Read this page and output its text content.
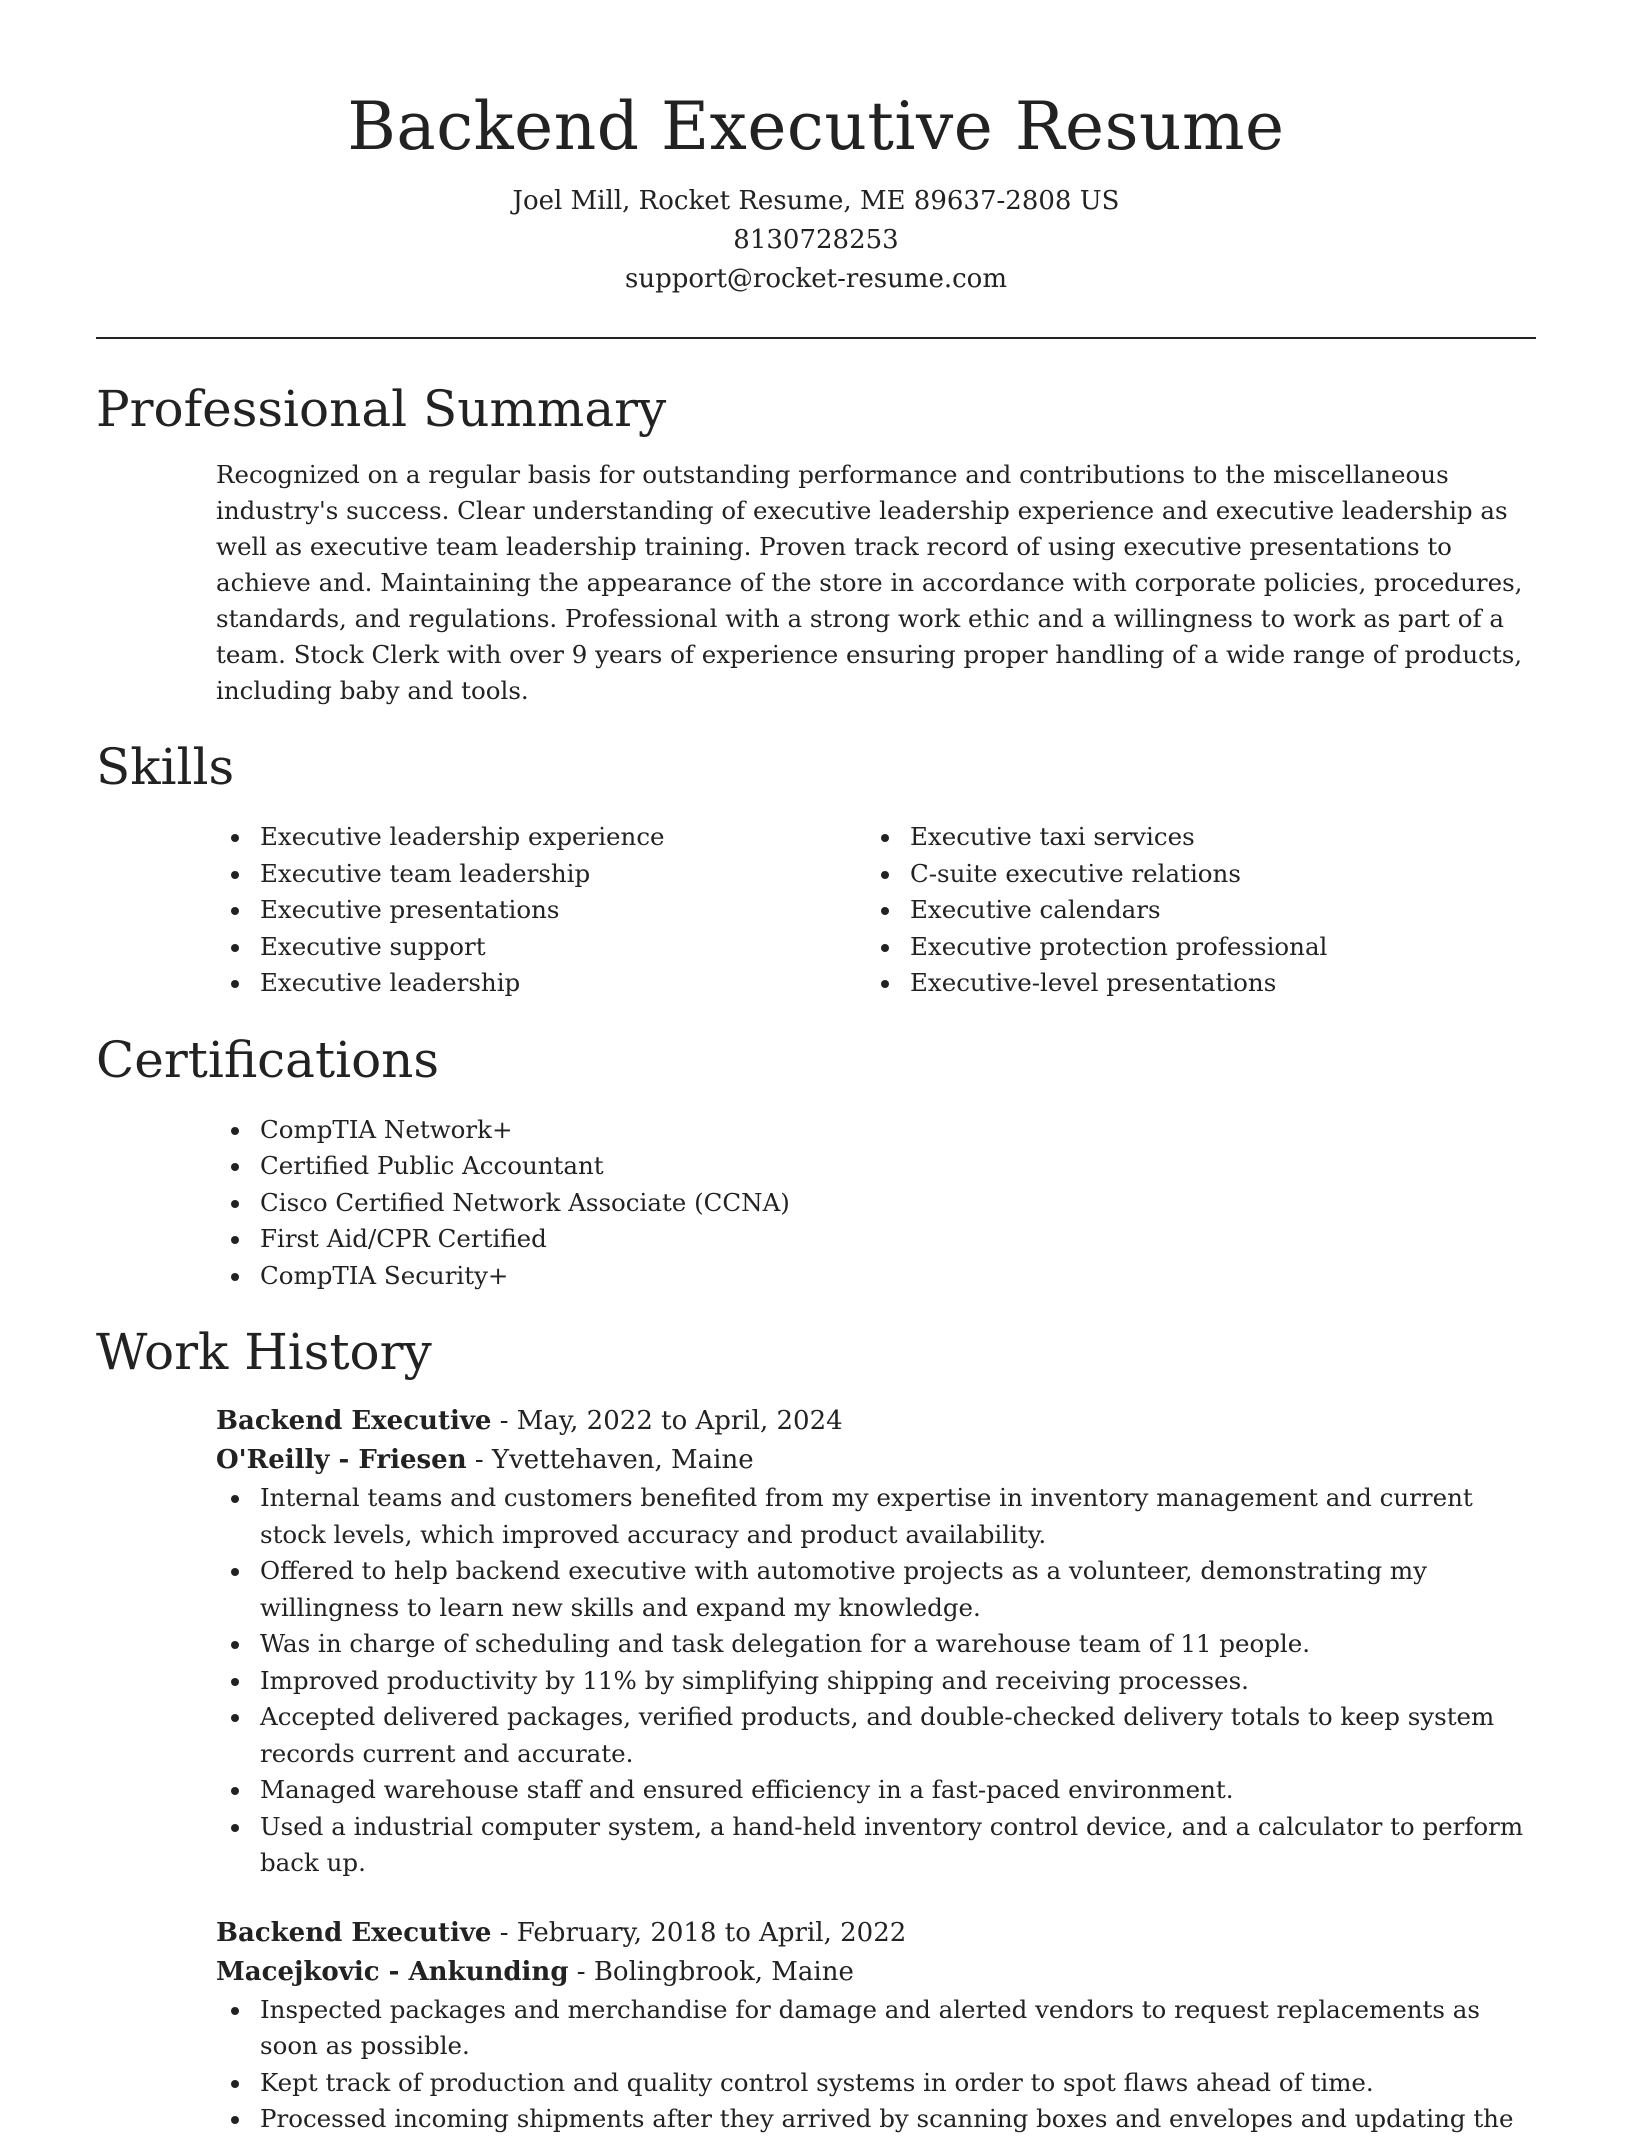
Backend Executive Resume
Joel Mill, Rocket Resume, ME 89637-2808 US
8130728253
support@rocket-resume.com
Professional Summary

Recognized on a regular basis for outstanding performance and contributions to the miscellaneous industry's success. Clear understanding of executive leadership experience and executive leadership as well as executive team leadership training. Proven track record of using executive presentations to achieve and. Maintaining the appearance of the store in accordance with corporate policies, procedures, standards, and regulations. Professional with a strong work ethic and a willingness to work as part of a team. Stock Clerk with over 9 years of experience ensuring proper handling of a wide range of products, including baby and tools.

Skills
Executive leadership experience
Executive team leadership
Executive presentations
Executive support
Executive leadership
Executive taxi services
C-suite executive relations
Executive calendars
Executive protection professional
Executive-level presentations
Certifications
CompTIA Network+
Certified Public Accountant
Cisco Certified Network Associate (CCNA)
First Aid/CPR Certified
CompTIA Security+
Work History
Backend Executive - May, 2022 to April, 2024
O'Reilly - Friesen - Yvettehaven, Maine
Internal teams and customers benefited from my expertise in inventory management and current stock levels, which improved accuracy and product availability.
Offered to help backend executive with automotive projects as a volunteer, demonstrating my willingness to learn new skills and expand my knowledge.
Was in charge of scheduling and task delegation for a warehouse team of 11 people.
Improved productivity by 11% by simplifying shipping and receiving processes.
Accepted delivered packages, verified products, and double-checked delivery totals to keep system records current and accurate.
Managed warehouse staff and ensured efficiency in a fast-paced environment.
Used a industrial computer system, a hand-held inventory control device, and a calculator to perform back up.
Backend Executive - February, 2018 to April, 2022
Macejkovic - Ankunding - Bolingbrook, Maine
Inspected packages and merchandise for damage and alerted vendors to request replacements as soon as possible.
Kept track of production and quality control systems in order to spot flaws ahead of time.
Processed incoming shipments after they arrived by scanning boxes and envelopes and updating the
